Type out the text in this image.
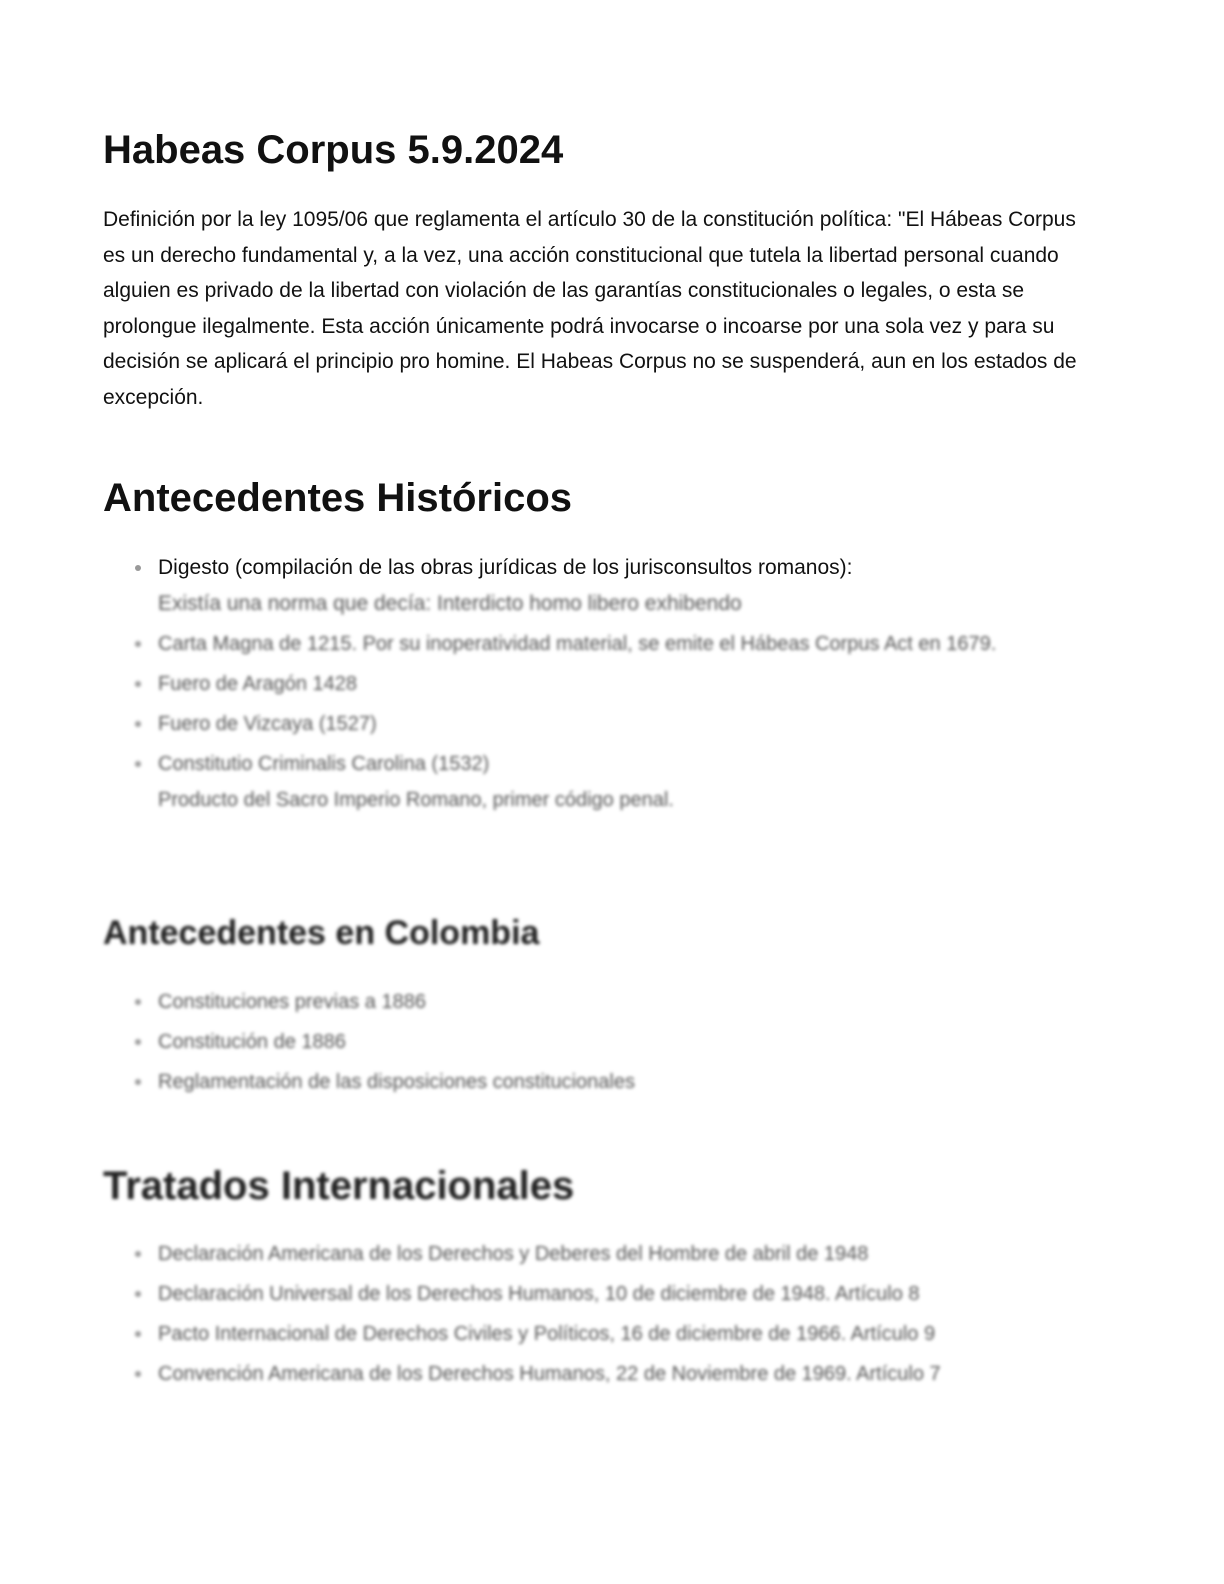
Habeas Corpus 5.9.2024

Definición por la ley 1095/06 que reglamenta el artículo 30 de la constitución política: "El Hábeas Corpus es un derecho fundamental y, a la vez, una acción constitucional que tutela la libertad personal cuando alguien es privado de la libertad con violación de las garantías constitucionales o legales, o esta se prolongue ilegalmente. Esta acción únicamente podrá invocarse o incoarse por una sola vez y para su decisión se aplicará el principio pro homine. El Habeas Corpus no se suspenderá, aun en los estados de excepción.

Antecedentes Históricos
Digesto (compilación de las obras jurídicas de los jurisconsultos romanos):
Existía una norma que decía: Interdicto homo libero exhibendo
Carta Magna de 1215. Por su inoperatividad material, se emite el Hábeas Corpus Act en 1679.
Fuero de Aragón 1428
Fuero de Vizcaya (1527)
Constitutio Criminalis Carolina (1532)
Producto del Sacro Imperio Romano, primer código penal.
Antecedentes en Colombia
Constituciones previas a 1886
Constitución de 1886
Reglamentación de las disposiciones constitucionales
Tratados Internacionales
Declaración Americana de los Derechos y Deberes del Hombre de abril de 1948
Declaración Universal de los Derechos Humanos, 10 de diciembre de 1948. Artículo 8
Pacto Internacional de Derechos Civiles y Políticos, 16 de diciembre de 1966. Artículo 9
Convención Americana de los Derechos Humanos, 22 de Noviembre de 1969. Artículo 7
